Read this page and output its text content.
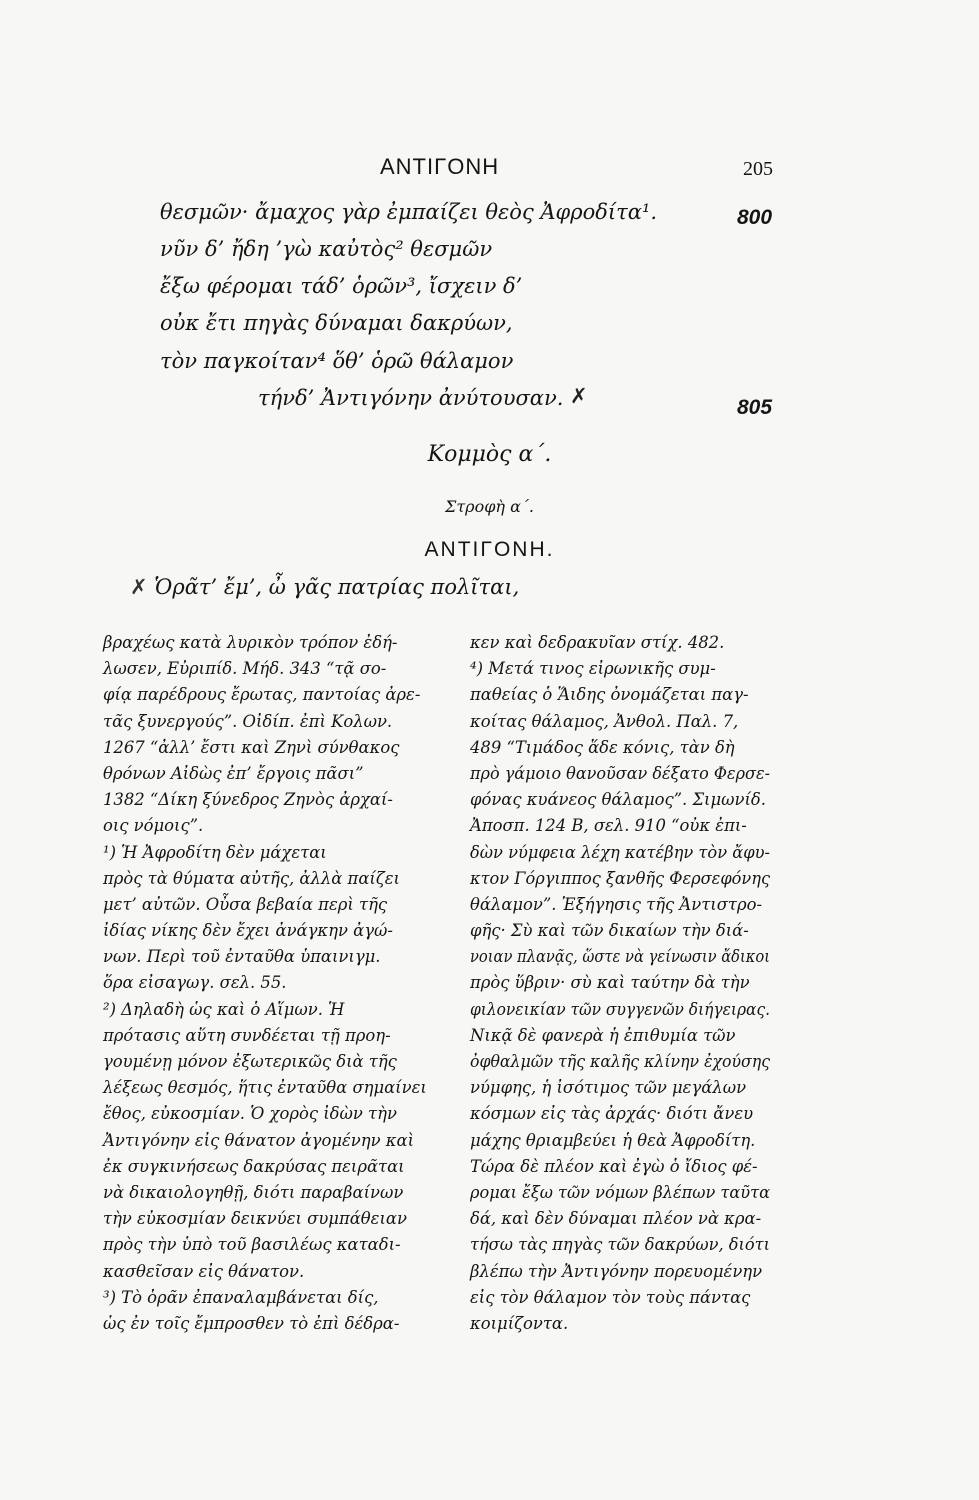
ΑΝΤΙΓΟΝΗ	205
θεσμῶν· ἄμαχος γὰρ ἐμπαίζει θεὸς Ἀφροδίτα¹.	800
νῦν δ’ ἤδη ’γὼ καὐτὸς² θεσμῶν
ἔξω φέρομαι τάδ’ ὁρῶν³, ἴσχειν δ’
οὐκ ἔτι πηγὰς δύναμαι δακρύων,
τὸν παγκοίταν⁴ ὅθ’ ὁρῶ θάλαμον
τήνδ’ Ἀντιγόνην ἀνύτουσαν. ✗	805
Κομμὸς α΄.
Στροφὴ α΄.
ΑΝΤΙΓΟΝΗ.
✗ Ὁρᾶτ’ ἔμ’, ὦ γᾶς πατρίας πολῖται,
βραχέως κατὰ λυρικὸν τρόπον ἐδή-
λωσεν, Εὐριπίδ. Μήδ. 343 “τᾷ σο-
φίᾳ παρέδρους ἔρωτας, παντοίας ἀρε-
τᾶς ξυνεργούς”. Οἰδίπ. ἐπὶ Κολων.
1267 “ἀλλ’ ἔστι καὶ Ζηνὶ σύνθακος
θρόνων Αἰδὼς ἐπ’ ἔργοις πᾶσι”
1382 “Δίκη ξύνεδρος Ζηνὸς ἀρχαί-
οις νόμοις”.
¹) Ἡ Ἀφροδίτη δὲν μάχεται
πρὸς τὰ θύματα αὐτῆς, ἀλλὰ παίζει
μετ’ αὐτῶν. Οὖσα βεβαία περὶ τῆς
ἰδίας νίκης δὲν ἔχει ἀνάγκην ἀγώ-
νων. Περὶ τοῦ ἐνταῦθα ὑπαινιγμ.
ὅρα εἰσαγωγ. σελ. 55.
²) Δηλαδὴ ὡς καὶ ὁ Αἵμων. Ἡ
πρότασις αὕτη συνδέεται τῇ προη-
γουμένῃ μόνον ἐξωτερικῶς διὰ τῆς
λέξεως θεσμός, ἥτις ἐνταῦθα σημαίνει
ἔθος, εὐκοσμίαν. Ὁ χορὸς ἰδὼν τὴν
Ἀντιγόνην εἰς θάνατον ἀγομένην καὶ
ἐκ συγκινήσεως δακρύσας πειρᾶται
νὰ δικαιολογηθῇ, διότι παραβαίνων
τὴν εὐκοσμίαν δεικνύει συμπάθειαν
πρὸς τὴν ὑπὸ τοῦ βασιλέως καταδι-
κασθεῖσαν εἰς θάνατον.
³) Τὸ ὁρᾶν ἐπαναλαμβάνεται δίς,
ὡς ἐν τοῖς ἔμπροσθεν τὸ ἐπὶ δέδρα-
κεν καὶ δεδρακυῖαν στίχ. 482.
⁴) Μετά τινος εἰρωνικῆς συμ-
παθείας ὁ Ἅιδης ὀνομάζεται παγ-
κοίτας θάλαμος, Ἀνθολ. Παλ. 7,
489 “Τιμάδος ἅδε κόνις, τὰν δὴ
πρὸ γάμοιο θανοῦσαν δέξατο Φερσε-
φόνας κυάνεος θάλαμος”. Σιμωνίδ.
Ἀποσπ. 124 Β, σελ. 910 “οὐκ ἐπι-
δὼν νύμφεια λέχη κατέβην τὸν ἄφυ-
κτον Γόργιππος ξανθῆς Φερσεφόνης
θάλαμον”. Ἐξήγησις τῆς Ἀντιστρο-
φῆς· Σὺ καὶ τῶν δικαίων τὴν διά-
νοιαν πλανᾷς, ὥστε νὰ γείνωσιν ἄδικοι
πρὸς ὕβριν· σὺ καὶ ταύτην δὰ τὴν
φιλονεικίαν τῶν συγγενῶν διήγειρας.
Νικᾷ δὲ φανερὰ ἡ ἐπιθυμία τῶν
ὀφθαλμῶν τῆς καλῆς κλίνην ἐχούσης
νύμφης, ἡ ἰσότιμος τῶν μεγάλων
κόσμων εἰς τὰς ἀρχάς· διότι ἄνευ
μάχης θριαμβεύει ἡ θεὰ Ἀφροδίτη.
Τώρα δὲ πλέον καὶ ἐγὼ ὁ ἴδιος φέ-
ρομαι ἔξω τῶν νόμων βλέπων ταῦτα
δά, καὶ δὲν δύναμαι πλέον νὰ κρα-
τήσω τὰς πηγὰς τῶν δακρύων, διότι
βλέπω τὴν Ἀντιγόνην πορευομένην
εἰς τὸν θάλαμον τὸν τοὺς πάντας
κοιμίζοντα.
